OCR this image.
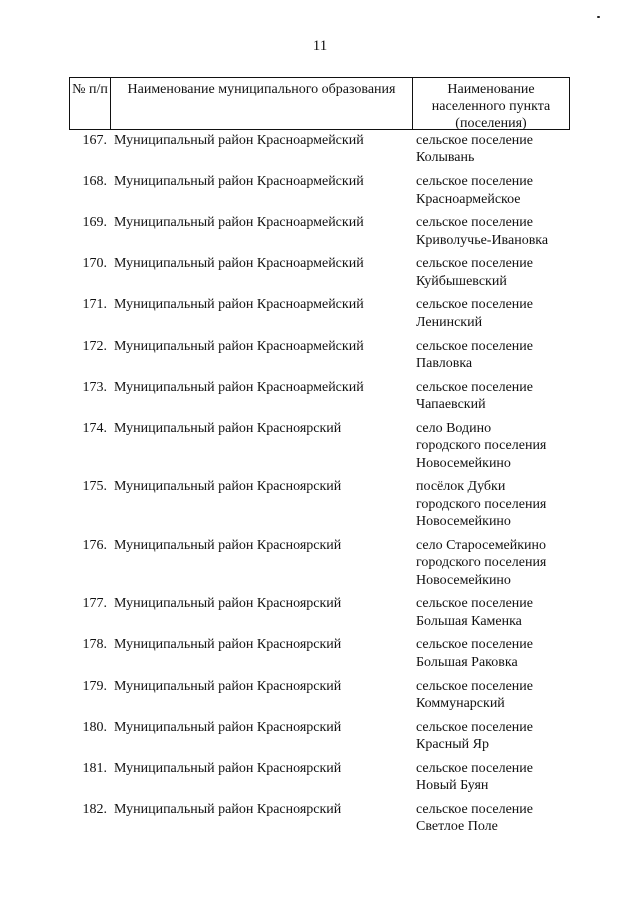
11
№ п/п	Наименование муниципального образования	Наименование населенного пункта (поселения)
167. Муниципальный район Красноармейский	сельское поселение
Колывань
168. Муниципальный район Красноармейский	сельское поселение
Красноармейское
169. Муниципальный район Красноармейский	сельское поселение
Криволучье-Ивановка
170. Муниципальный район Красноармейский	сельское поселение
Куйбышевский
171. Муниципальный район Красноармейский	сельское поселение
Ленинский
172. Муниципальный район Красноармейский	сельское поселение
Павловка
173. Муниципальный район Красноармейский	сельское поселение
Чапаевский
174. Муниципальный район Красноярский	село Водино
городского поселения
Новосемейкино
175. Муниципальный район Красноярский	посёлок Дубки
городского поселения
Новосемейкино
176. Муниципальный район Красноярский	село Старосемейкино
городского поселения
Новосемейкино
177. Муниципальный район Красноярский	сельское поселение
Большая Каменка
178. Муниципальный район Красноярский	сельское поселение
Большая Раковка
179. Муниципальный район Красноярский	сельское поселение
Коммунарский
180. Муниципальный район Красноярский	сельское поселение
Красный Яр
181. Муниципальный район Красноярский	сельское поселение
Новый Буян
182. Муниципальный район Красноярский	сельское поселение
Светлое Поле
